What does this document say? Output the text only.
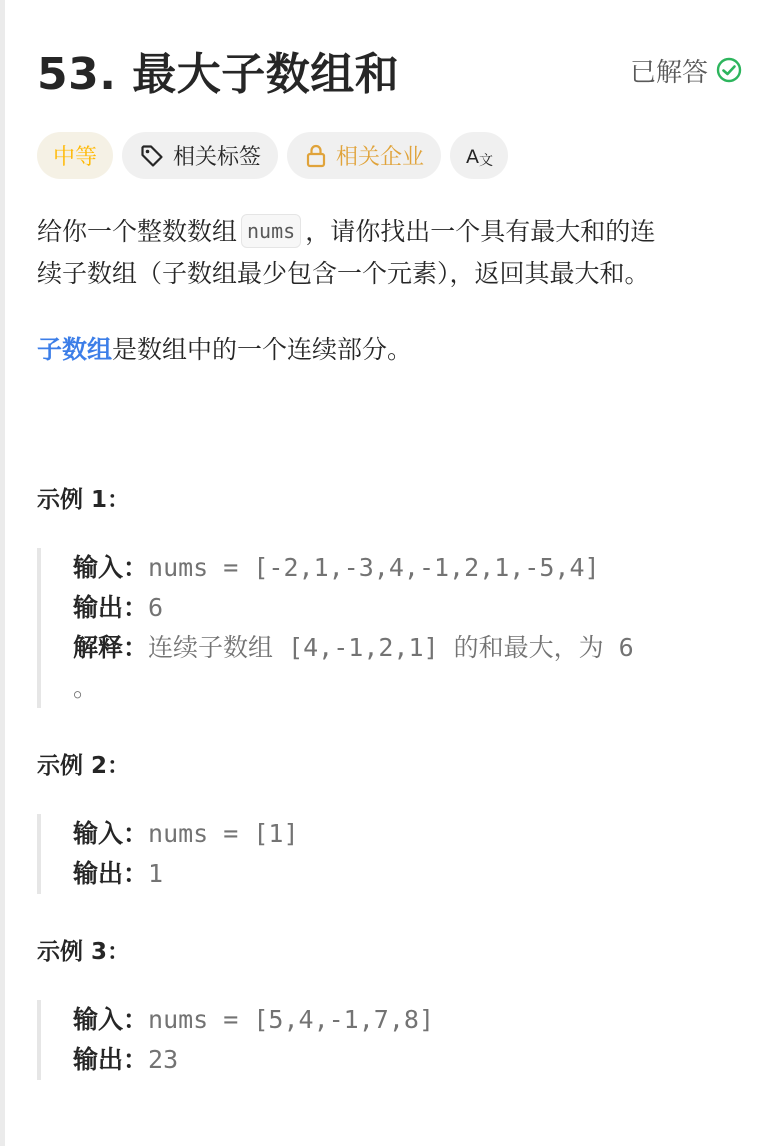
53. 最大子数组和	已解答
中等	相关标签	相关企业 A 文
给你一个整数数组 nums ，请你找出一个具有最大和的连
续子数组（子数组最少包含一个元素），返回其最大和。
子数组是数组中的一个连续部分。
示例 1：
输入：nums = [-2,1,-3,4,-1,2,1,-5,4]
输出：6
解释：连续子数组 [4,-1,2,1] 的和最大，为 6
。
示例 2：
输入：nums = [1]
输出：1
示例 3：
输入：nums = [5,4,-1,7,8]
输出：23
